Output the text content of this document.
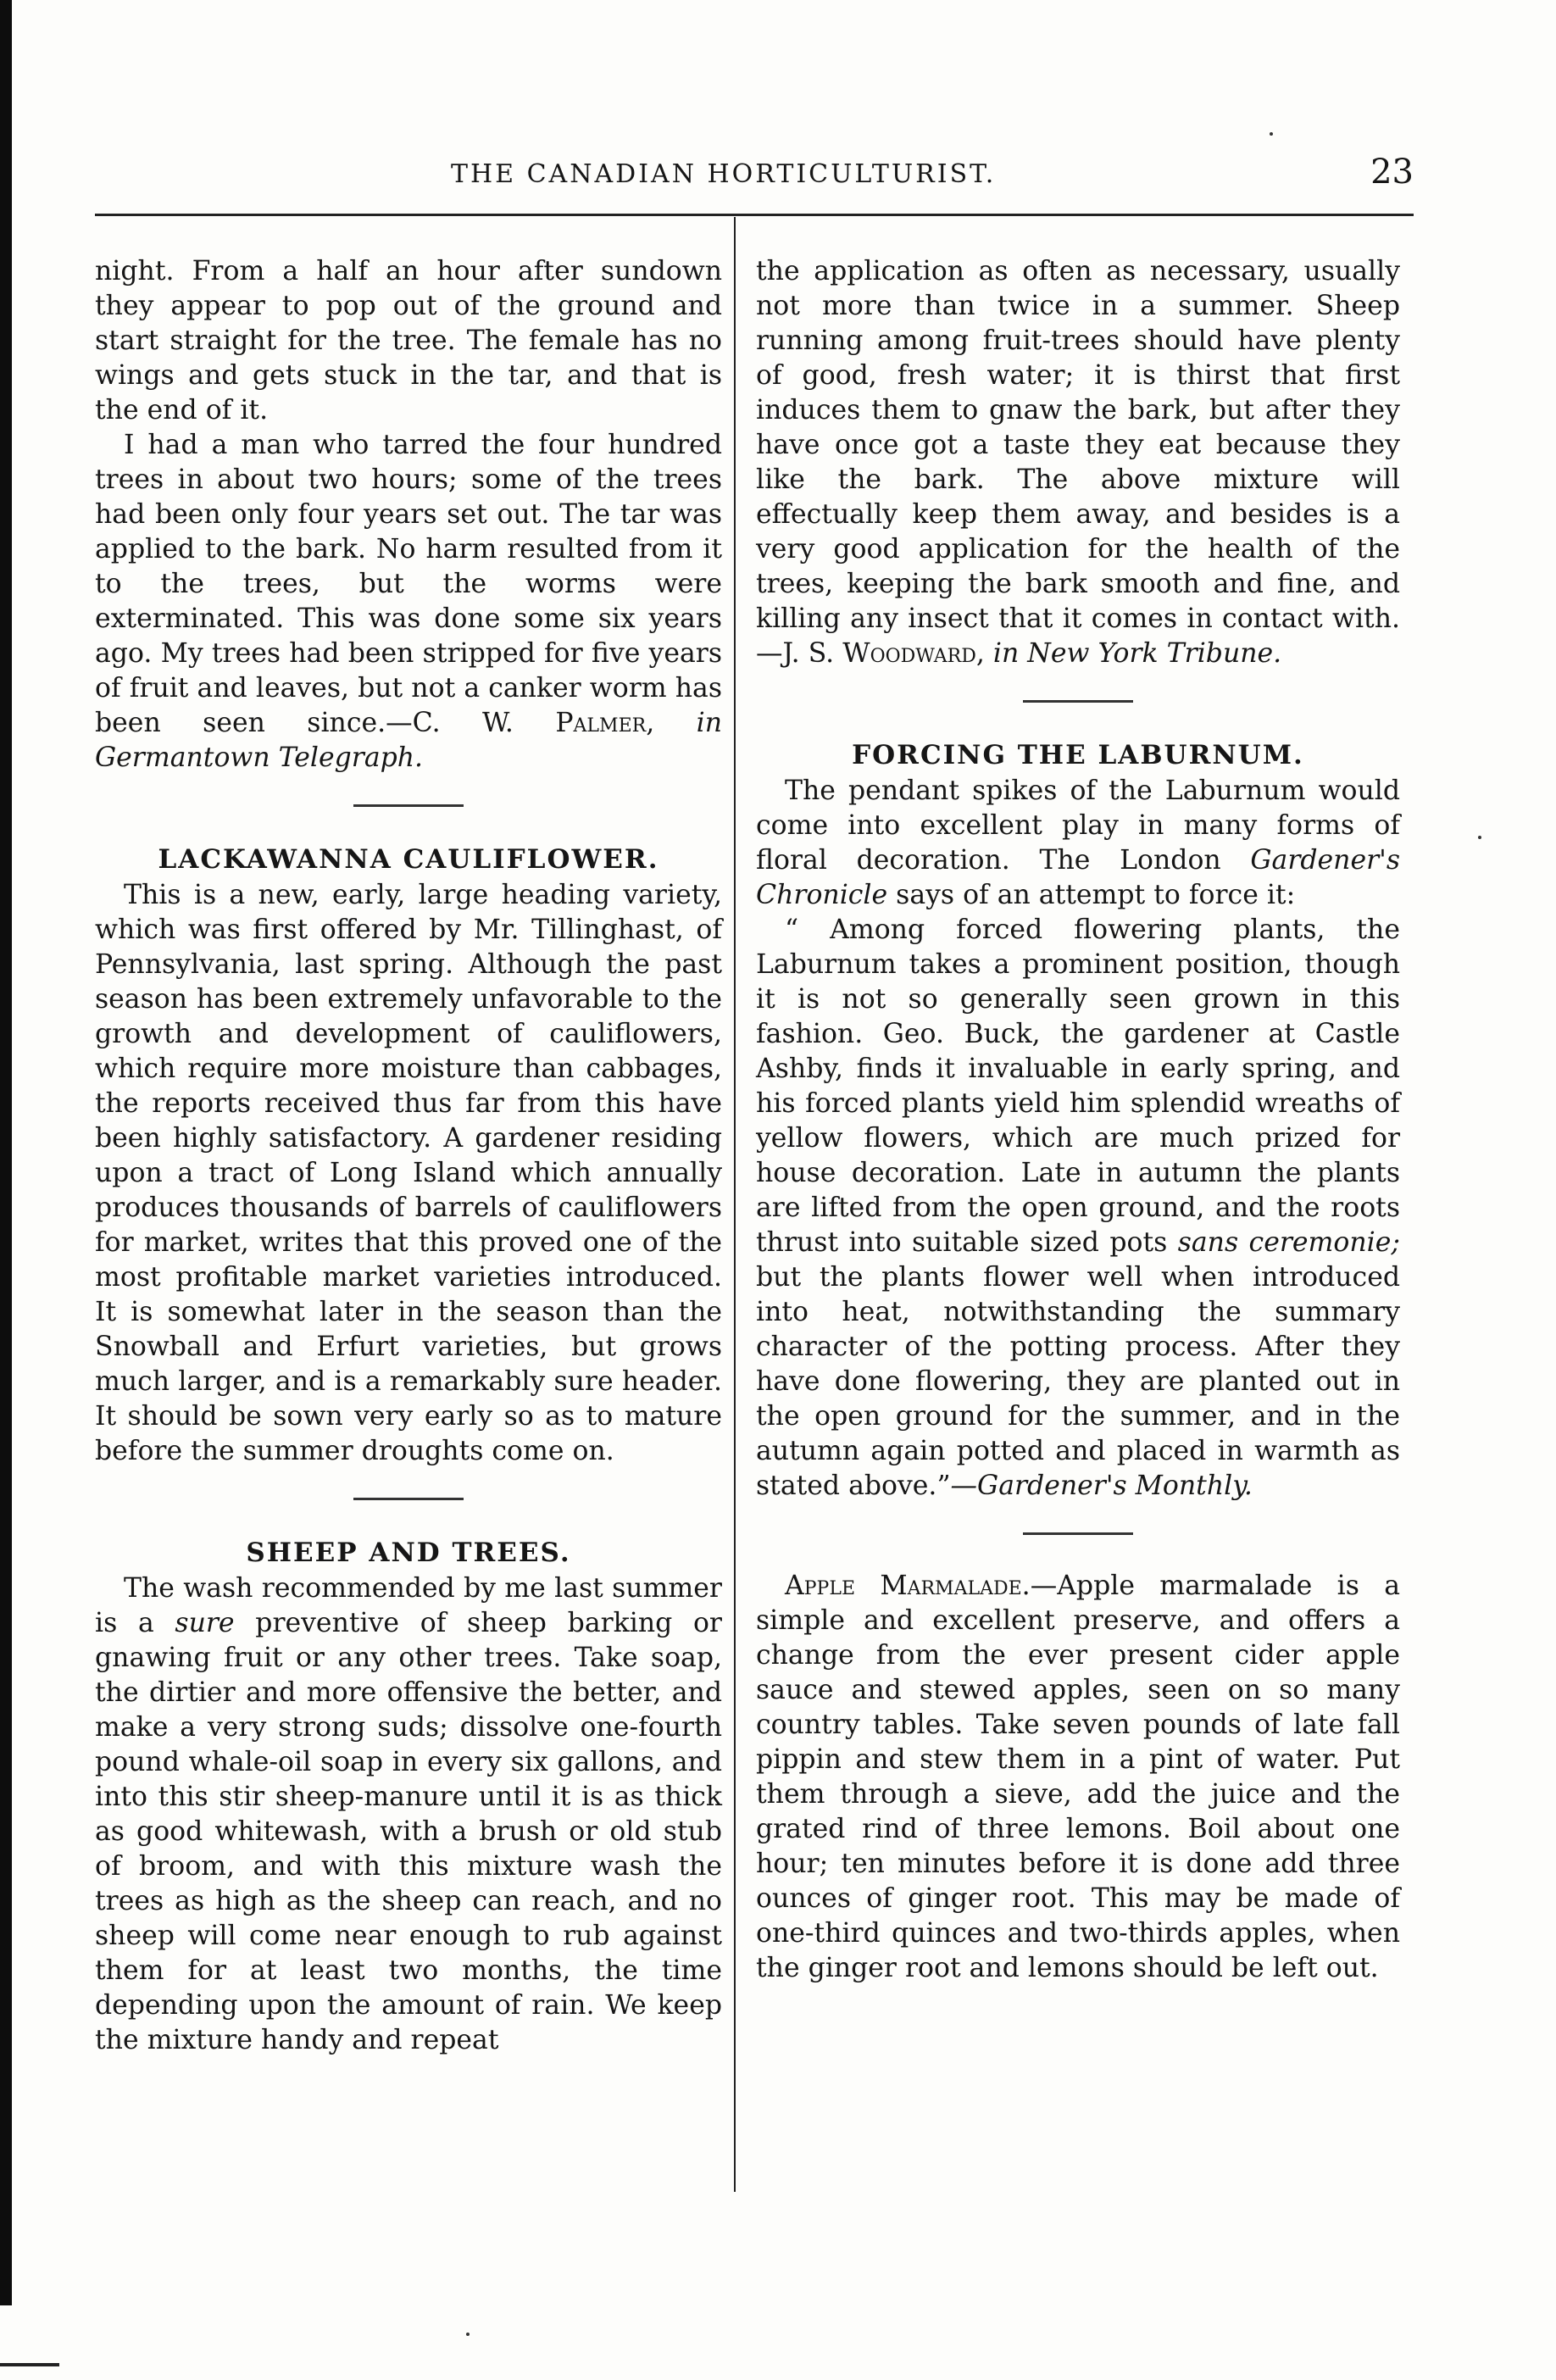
THE CANADIAN HORTICULTURIST.	23

night. From a half an hour after sundown they appear to pop out of the ground and start straight for the tree. The female has no wings and gets stuck in the tar, and that is the end of it.

I had a man who tarred the four hundred trees in about two hours; some of the trees had been only four years set out. The tar was applied to the bark. No harm resulted from it to the trees, but the worms were exterminated. This was done some six years ago. My trees had been stripped for five years of fruit and leaves, but not a canker worm has been seen since.—C. W. Palmer, in Germantown Telegraph.

LACKAWANNA CAULIFLOWER.

This is a new, early, large heading variety, which was first offered by Mr. Tillinghast, of Pennsylvania, last spring. Although the past season has been extremely unfavorable to the growth and development of cauliflowers, which require more moisture than cabbages, the reports received thus far from this have been highly satisfactory. A gardener residing upon a tract of Long Island which annually produces thousands of barrels of cauliflowers for market, writes that this proved one of the most profitable market varieties introduced. It is somewhat later in the season than the Snowball and Erfurt varieties, but grows much larger, and is a remarkably sure header. It should be sown very early so as to mature before the summer droughts come on.

SHEEP AND TREES.

The wash recommended by me last summer is a sure preventive of sheep barking or gnawing fruit or any other trees. Take soap, the dirtier and more offensive the better, and make a very strong suds; dissolve one-fourth pound whale-oil soap in every six gallons, and into this stir sheep-manure until it is as thick as good whitewash, with a brush or old stub of broom, and with this mixture wash the trees as high as the sheep can reach, and no sheep will come near enough to rub against them for at least two months, the time depending upon the amount of rain. We keep the mixture handy and repeat

the application as often as necessary, usually not more than twice in a summer. Sheep running among fruit-trees should have plenty of good, fresh water; it is thirst that first induces them to gnaw the bark, but after they have once got a taste they eat because they like the bark. The above mixture will effectually keep them away, and besides is a very good application for the health of the trees, keeping the bark smooth and fine, and killing any insect that it comes in contact with.—J. S. Woodward, in New York Tribune.

FORCING THE LABURNUM.

The pendant spikes of the Laburnum would come into excellent play in many forms of floral decoration. The London Gardener's Chronicle says of an attempt to force it:

“ Among forced flowering plants, the Laburnum takes a prominent position, though it is not so generally seen grown in this fashion. Geo. Buck, the gardener at Castle Ashby, finds it invaluable in early spring, and his forced plants yield him splendid wreaths of yellow flowers, which are much prized for house decoration. Late in autumn the plants are lifted from the open ground, and the roots thrust into suitable sized pots sans ceremonie; but the plants flower well when introduced into heat, notwithstanding the summary character of the potting process. After they have done flowering, they are planted out in the open ground for the summer, and in the autumn again potted and placed in warmth as stated above.”—Gardener's Monthly.

Apple Marmalade.—Apple marmalade is a simple and excellent preserve, and offers a change from the ever present cider apple sauce and stewed apples, seen on so many country tables. Take seven pounds of late fall pippin and stew them in a pint of water. Put them through a sieve, add the juice and the grated rind of three lemons. Boil about one hour; ten minutes before it is done add three ounces of ginger root. This may be made of one-third quinces and two-thirds apples, when the ginger root and lemons should be left out.
